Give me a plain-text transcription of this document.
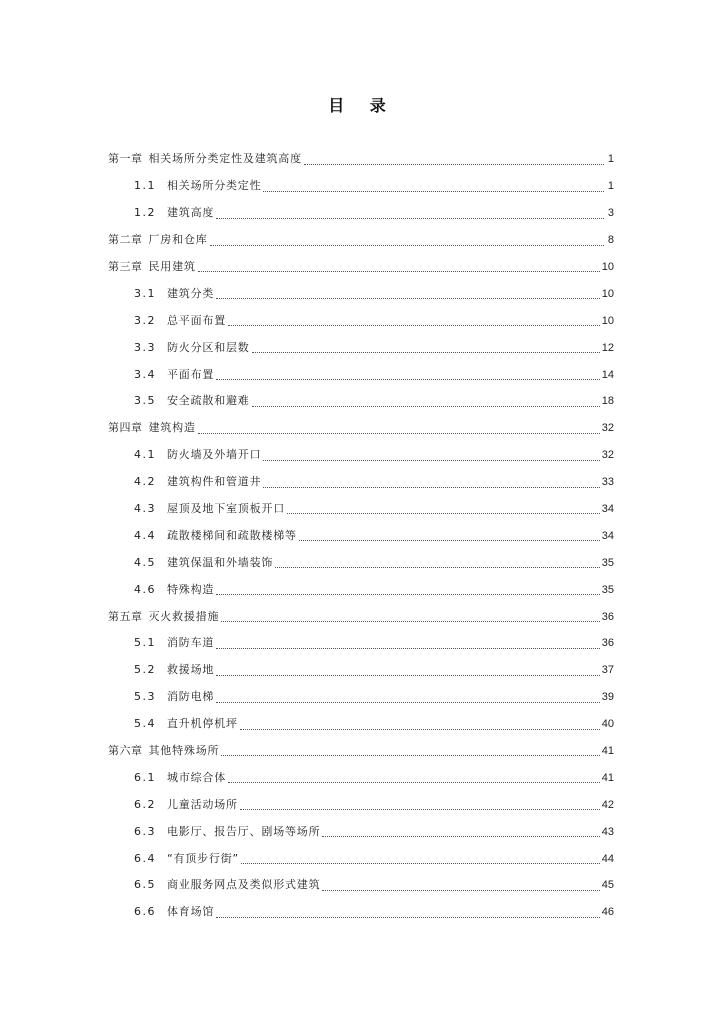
目 录
第一章 相关场所分类定性及建筑高度	1
1.1	相关场所分类定性	1
1.2	建筑高度	3
第二章 厂房和仓库	8
第三章 民用建筑	10
3.1	建筑分类	10
3.2	总平面布置	10
3.3	防火分区和层数	12
3.4	平面布置	14
3.5	安全疏散和避难	18
第四章 建筑构造	32
4.1	防火墙及外墙开口	32
4.2	建筑构件和管道井	33
4.3	屋顶及地下室顶板开口	34
4.4	疏散楼梯间和疏散楼梯等	34
4.5	建筑保温和外墙装饰	35
4.6	特殊构造	35
第五章 灭火救援措施	36
5.1	消防车道	36
5.2	救援场地	37
5.3	消防电梯	39
5.4	直升机停机坪	40
第六章 其他特殊场所	41
6.1	城市综合体	41
6.2	儿童活动场所	42
6.3	电影厅、报告厅、剧场等场所	43
6.4	“有顶步行街”	44
6.5	商业服务网点及类似形式建筑	45
6.6	体育场馆	46
